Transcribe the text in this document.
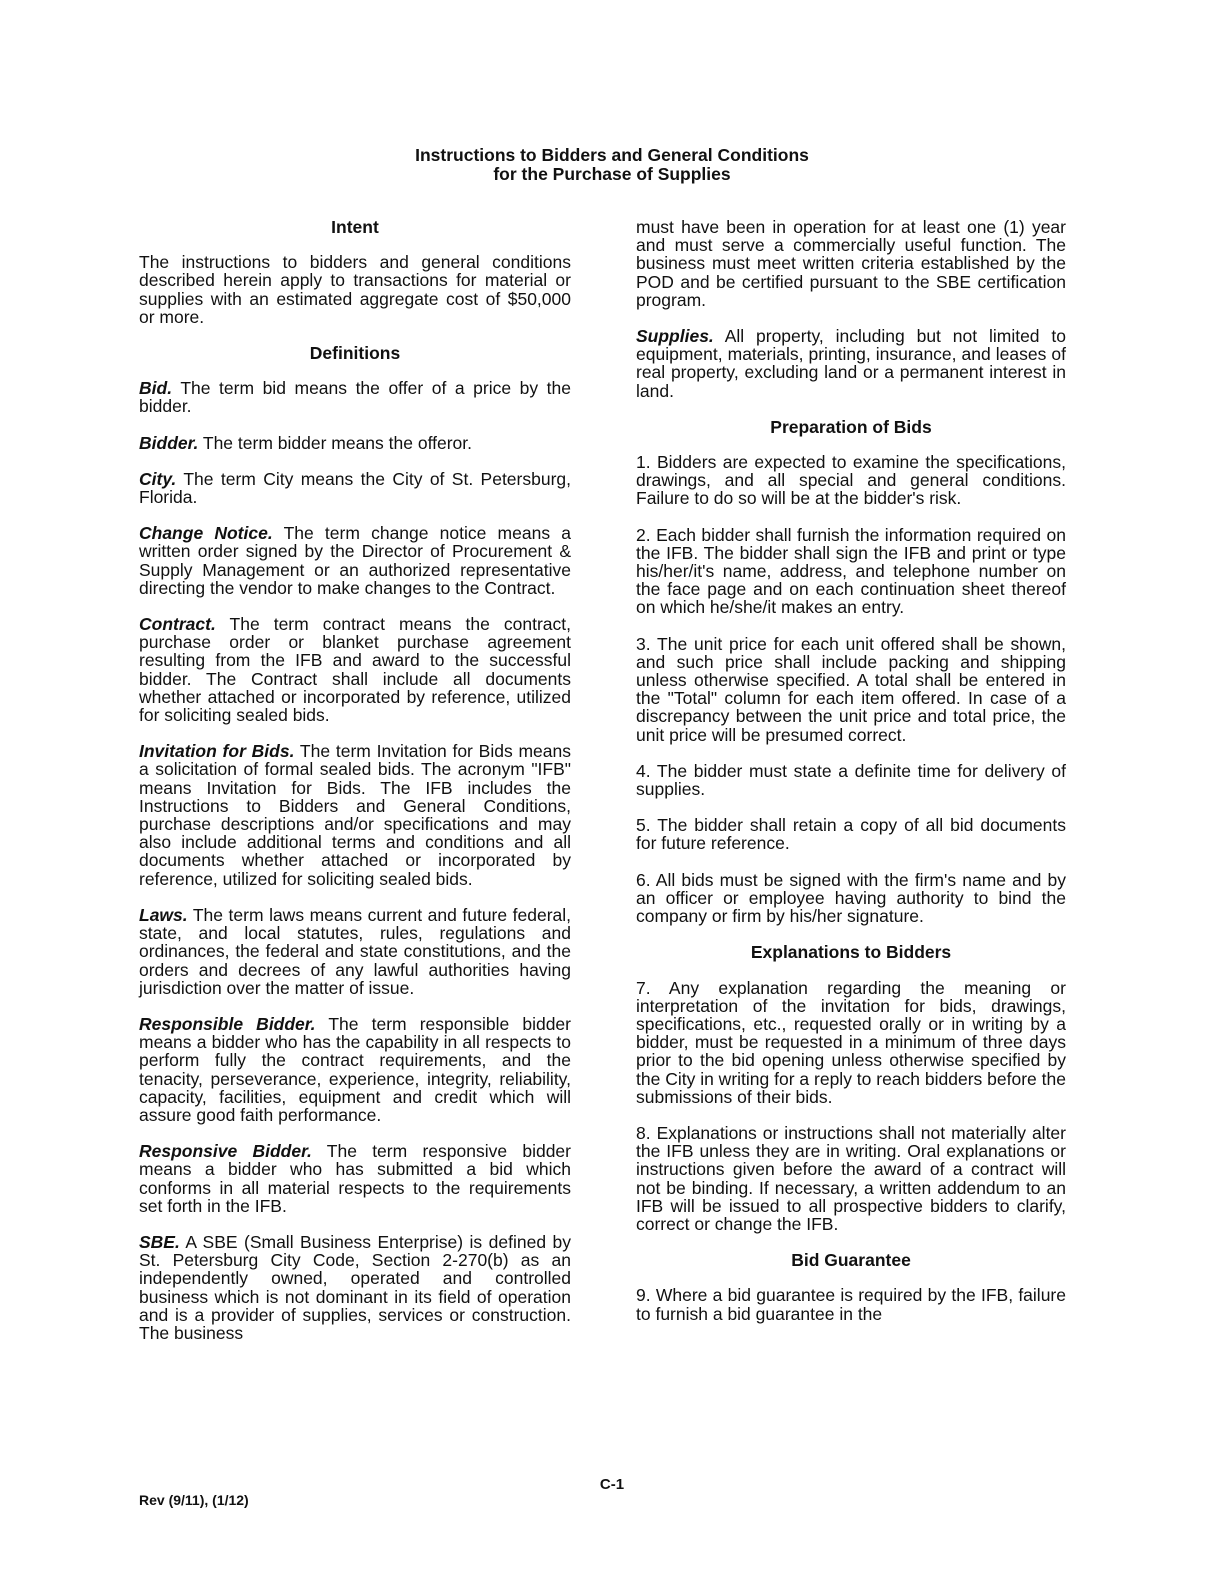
Instructions to Bidders and General Conditions
for the Purchase of Supplies
Intent
The instructions to bidders and general conditions described herein apply to transactions for material or supplies with an estimated aggregate cost of $50,000 or more.
Definitions
Bid. The term bid means the offer of a price by the bidder.
Bidder. The term bidder means the offeror.
City. The term City means the City of St. Petersburg, Florida.
Change Notice. The term change notice means a written order signed by the Director of Procurement & Supply Management or an authorized representative directing the vendor to make changes to the Contract.
Contract. The term contract means the contract, purchase order or blanket purchase agreement resulting from the IFB and award to the successful bidder. The Contract shall include all documents whether attached or incorporated by reference, utilized for soliciting sealed bids.
Invitation for Bids. The term Invitation for Bids means a solicitation of formal sealed bids. The acronym "IFB" means Invitation for Bids. The IFB includes the Instructions to Bidders and General Conditions, purchase descriptions and/or specifications and may also include additional terms and conditions and all documents whether attached or incorporated by reference, utilized for soliciting sealed bids.
Laws. The term laws means current and future federal, state, and local statutes, rules, regulations and ordinances, the federal and state constitutions, and the orders and decrees of any lawful authorities having jurisdiction over the matter of issue.
Responsible Bidder. The term responsible bidder means a bidder who has the capability in all respects to perform fully the contract requirements, and the tenacity, perseverance, experience, integrity, reliability, capacity, facilities, equipment and credit which will assure good faith performance.
Responsive Bidder. The term responsive bidder means a bidder who has submitted a bid which conforms in all material respects to the requirements set forth in the IFB.
SBE. A SBE (Small Business Enterprise) is defined by St. Petersburg City Code, Section 2-270(b) as an independently owned, operated and controlled business which is not dominant in its field of operation and is a provider of supplies, services or construction. The business
must have been in operation for at least one (1) year and must serve a commercially useful function. The business must meet written criteria established by the POD and be certified pursuant to the SBE certification program.
Supplies. All property, including but not limited to equipment, materials, printing, insurance, and leases of real property, excluding land or a permanent interest in land.
Preparation of Bids
1. Bidders are expected to examine the specifications, drawings, and all special and general conditions. Failure to do so will be at the bidder's risk.
2. Each bidder shall furnish the information required on the IFB. The bidder shall sign the IFB and print or type his/her/it's name, address, and telephone number on the face page and on each continuation sheet thereof on which he/she/it makes an entry.
3. The unit price for each unit offered shall be shown, and such price shall include packing and shipping unless otherwise specified. A total shall be entered in the "Total" column for each item offered. In case of a discrepancy between the unit price and total price, the unit price will be presumed correct.
4. The bidder must state a definite time for delivery of supplies.
5. The bidder shall retain a copy of all bid documents for future reference.
6. All bids must be signed with the firm's name and by an officer or employee having authority to bind the company or firm by his/her signature.
Explanations to Bidders
7. Any explanation regarding the meaning or interpretation of the invitation for bids, drawings, specifications, etc., requested orally or in writing by a bidder, must be requested in a minimum of three days prior to the bid opening unless otherwise specified by the City in writing for a reply to reach bidders before the submissions of their bids.
8. Explanations or instructions shall not materially alter the IFB unless they are in writing. Oral explanations or instructions given before the award of a contract will not be binding. If necessary, a written addendum to an IFB will be issued to all prospective bidders to clarify, correct or change the IFB.
Bid Guarantee
9. Where a bid guarantee is required by the IFB, failure to furnish a bid guarantee in the
C-1
Rev (9/11), (1/12)
